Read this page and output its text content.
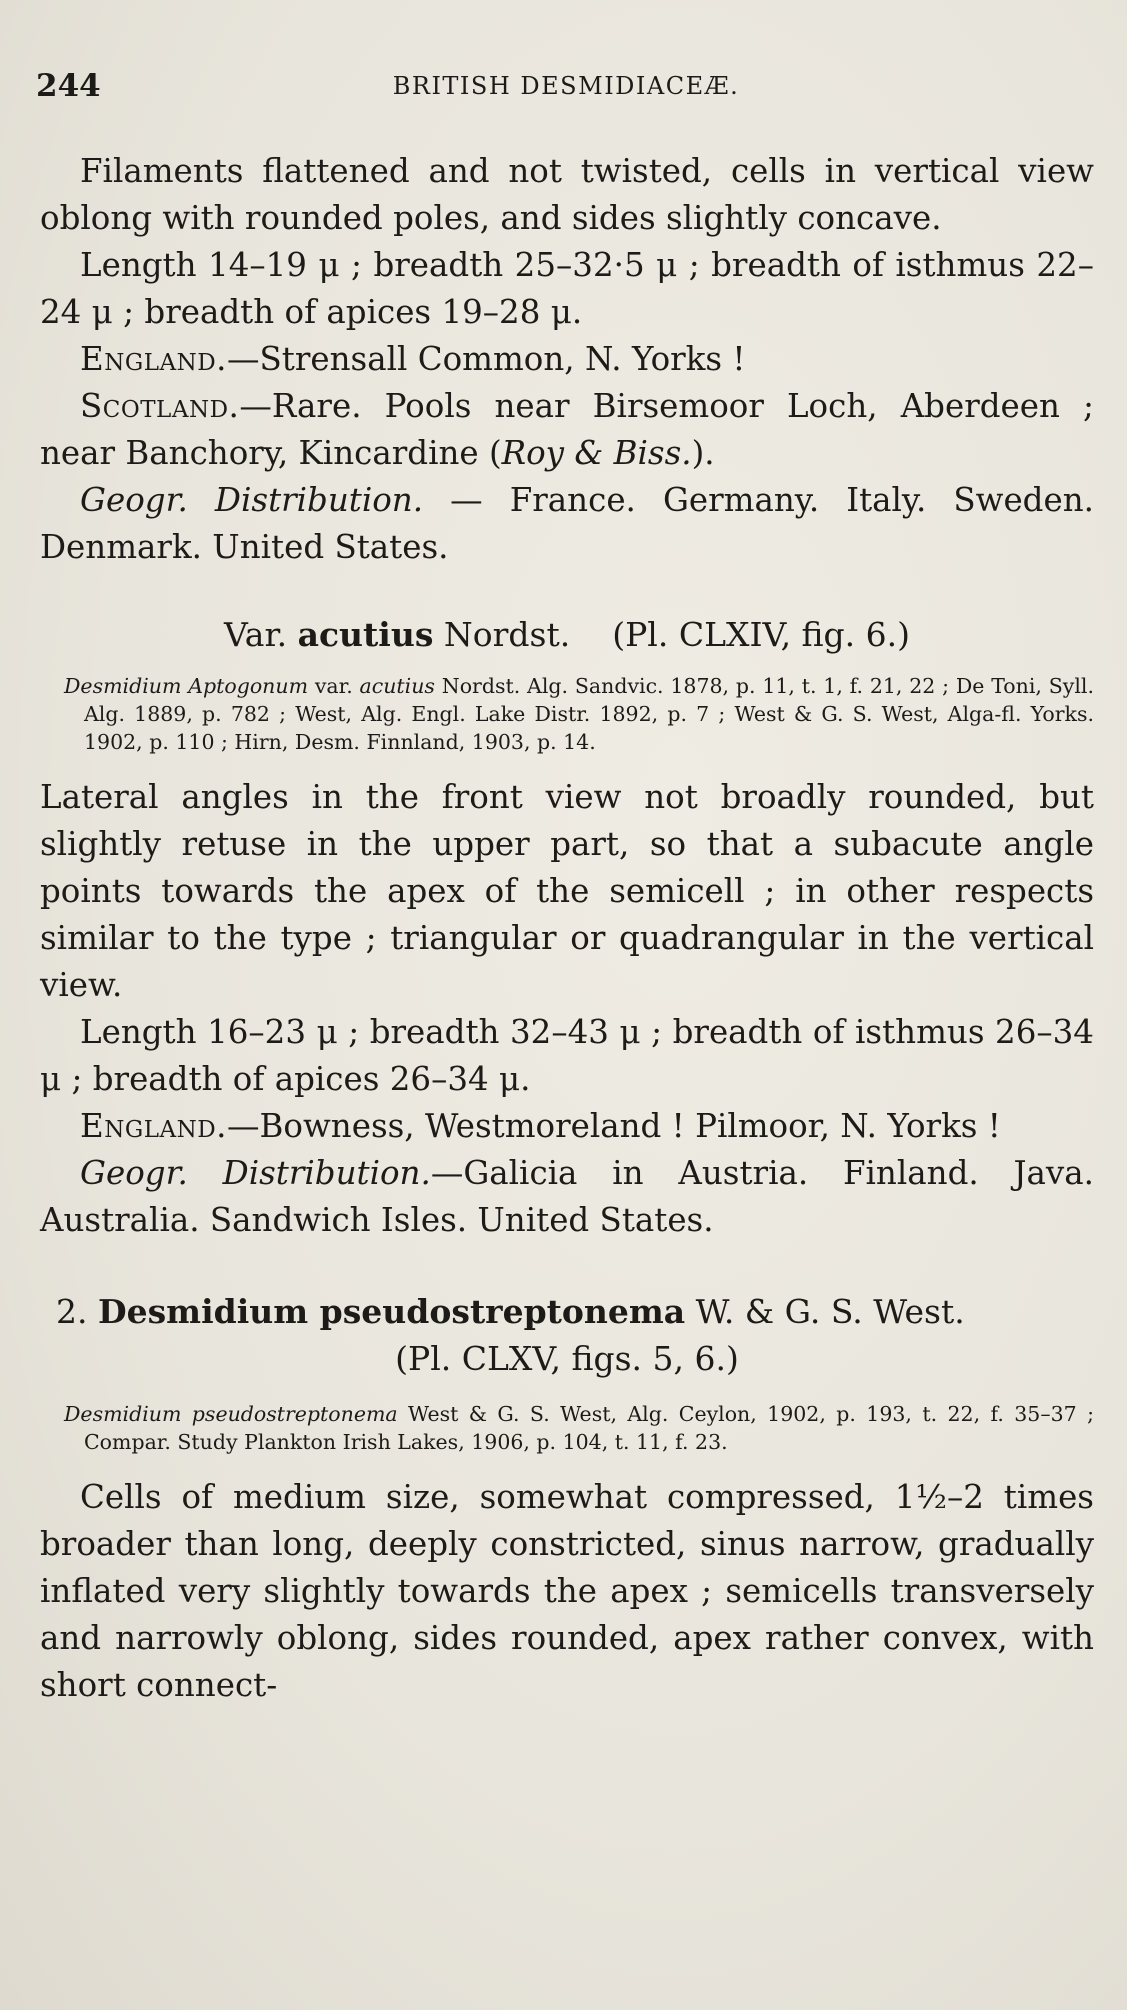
244	BRITISH DESMIDIACEÆ.

Filaments flattened and not twisted, cells in vertical view oblong with rounded poles, and sides slightly concave.

Length 14–19 μ ; breadth 25–32·5 μ ; breadth of isthmus 22–24 μ ; breadth of apices 19–28 μ.

England.—Strensall Common, N. Yorks !

Scotland.—Rare. Pools near Birsemoor Loch, Aberdeen ; near Banchory, Kincardine (Roy & Biss.).

Geogr. Distribution. — France. Germany. Italy. Sweden. Denmark. United States.

Var. acutius Nordst. (Pl. CLXIV, fig. 6.)

Desmidium Aptogonum var. acutius Nordst. Alg. Sandvic. 1878, p. 11, t. 1, f. 21, 22 ; De Toni, Syll. Alg. 1889, p. 782 ; West, Alg. Engl. Lake Distr. 1892, p. 7 ; West & G. S. West, Alga-fl. Yorks. 1902, p. 110 ; Hirn, Desm. Finnland, 1903, p. 14.

Lateral angles in the front view not broadly rounded, but slightly retuse in the upper part, so that a subacute angle points towards the apex of the semicell ; in other respects similar to the type ; triangular or quadrangular in the vertical view.

Length 16–23 μ ; breadth 32–43 μ ; breadth of isthmus 26–34 μ ; breadth of apices 26–34 μ.

England.—Bowness, Westmoreland ! Pilmoor, N. Yorks !

Geogr. Distribution.—Galicia in Austria. Finland. Java. Australia. Sandwich Isles. United States.

2. Desmidium pseudostreptonema W. & G. S. West.

(Pl. CLXV, figs. 5, 6.)

Desmidium pseudostreptonema West & G. S. West, Alg. Ceylon, 1902, p. 193, t. 22, f. 35–37 ; Compar. Study Plankton Irish Lakes, 1906, p. 104, t. 11, f. 23.

Cells of medium size, somewhat compressed, 1½–2 times broader than long, deeply constricted, sinus narrow, gradually inflated very slightly towards the apex ; semicells transversely and narrowly oblong, sides rounded, apex rather convex, with short connect-
